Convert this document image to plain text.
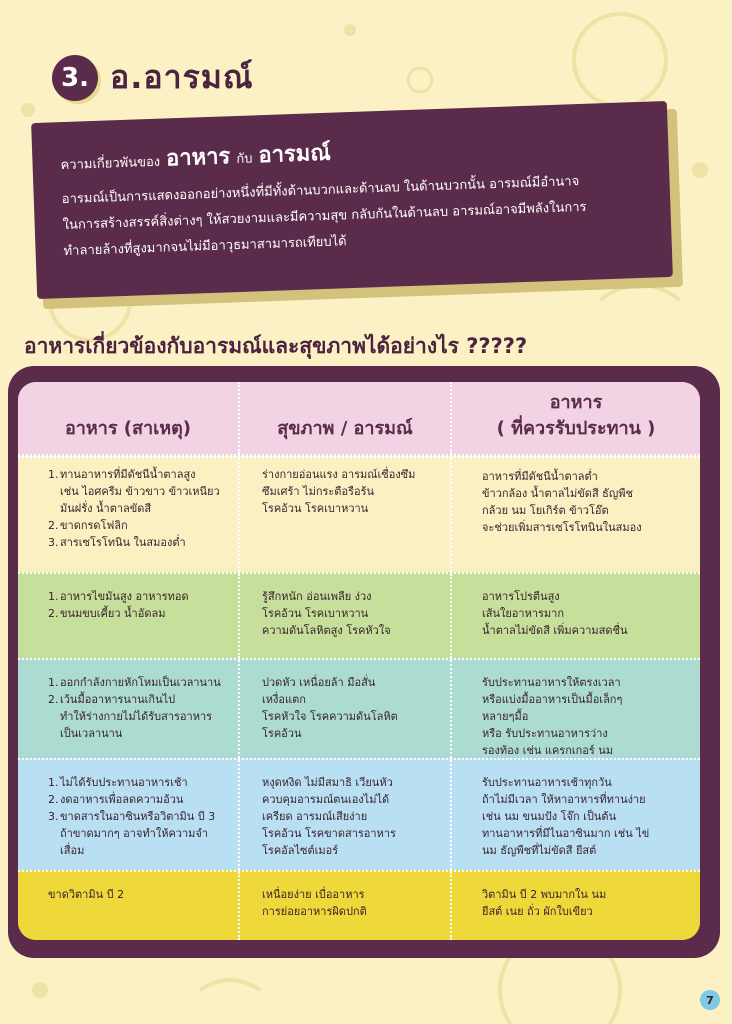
3. อ.อารมณ์
ความเกี่ยวพันของ อาหาร กับ อารมณ์
อารมณ์เป็นการแสดงออกอย่างหนึ่งที่มีทั้งด้านบวกและด้านลบ ในด้านบวกนั้น อารมณ์มีอำนาจ
ในการสร้างสรรค์สิ่งต่างๆ ให้สวยงามและมีความสุข กลับกันในด้านลบ อารมณ์อาจมีพลังในการ
ทำลายล้างที่สูงมากจนไม่มีอาวุธมาสามารถเทียบได้
อาหารเกี่ยวข้องกับอารมณ์และสุขภาพได้อย่างไร ?????
อาหาร (สาเหตุ)	สุขภาพ / อารมณ์
อาหาร
( ที่ควรรับประทาน )
1. ทานอาหารที่มีดัชนีน้ำตาลสูง
เช่น ไอศครีม ข้าวขาว ข้าวเหนียว
มันฝรั่ง น้ำตาลขัดสี
2. ขาดกรดโฟลิก
3. สารเซโรโทนิน ในสมองต่ำ
ร่างกายอ่อนแรง อารมณ์เซื่องซึม
ซึมเศร้า ไม่กระตือรือร้น
โรคอ้วน โรคเบาหวาน
อาหารที่มีดัชนีน้ำตาลต่ำ
ข้าวกล้อง น้ำตาลไม่ขัดสี ธัญพืช
กล้วย นม โยเกิร์ต ข้าวโอ๊ต
จะช่วยเพิ่มสารเซโรโทนินในสมอง
1. อาหารไขมันสูง อาหารทอด
2. ขนมขบเคี้ยว น้ำอัดลม
รู้สึกหนัก อ่อนเพลีย ง่วง
โรคอ้วน โรคเบาหวาน
ความดันโลหิตสูง โรคหัวใจ
อาหารโปรตีนสูง
เส้นใยอาหารมาก
น้ำตาลไม่ขัดสี เพิ่มความสดชื่น
1. ออกกำลังกายหักโหมเป็นเวลานาน
2. เว้นมื้ออาหารนานเกินไป
ทำให้ร่างกายไม่ได้รับสารอาหาร
เป็นเวลานาน
ปวดหัว เหนื่อยล้า มือสั่น
เหงื่อแตก
โรคหัวใจ โรคความดันโลหิต
โรคอ้วน
รับประทานอาหารให้ตรงเวลา
หรือแบ่งมื้ออาหารเป็นมื้อเล็กๆ
หลายๆมื้อ
หรือ รับประทานอาหารว่าง
รองท้อง เช่น แครกเกอร์ นม
1. ไม่ได้รับประทานอาหารเช้า
2. งดอาหารเพื่อลดความอ้วน
3. ขาดสารในอาซินหรือวิตามิน บี 3
ถ้าขาดมากๆ อาจทำให้ความจำ
เสื่อม
หงุดหงิด ไม่มีสมาธิ เวียนหัว
ควบคุมอารมณ์ตนเองไม่ได้
เครียด อารมณ์เสียง่าย
โรคอ้วน โรคขาดสารอาหาร
โรคอัลไซต์เมอร์
รับประทานอาหารเช้าทุกวัน
ถ้าไม่มีเวลา ให้หาอาหารที่ทานง่าย
เช่น นม ขนมปัง โจ๊ก เป็นต้น
ทานอาหารที่มีไนอาซินมาก เช่น ไข่
นม ธัญพืชที่ไม่ขัดสี ยีสต์
ขาดวิตามิน บี 2	เหนื่อยง่าย เบื่ออาหาร
การย่อยอาหารผิดปกติ
วิตามิน บี 2 พบมากใน นม
ยีสต์ เนย ถั่ว ผักใบเขียว
7
